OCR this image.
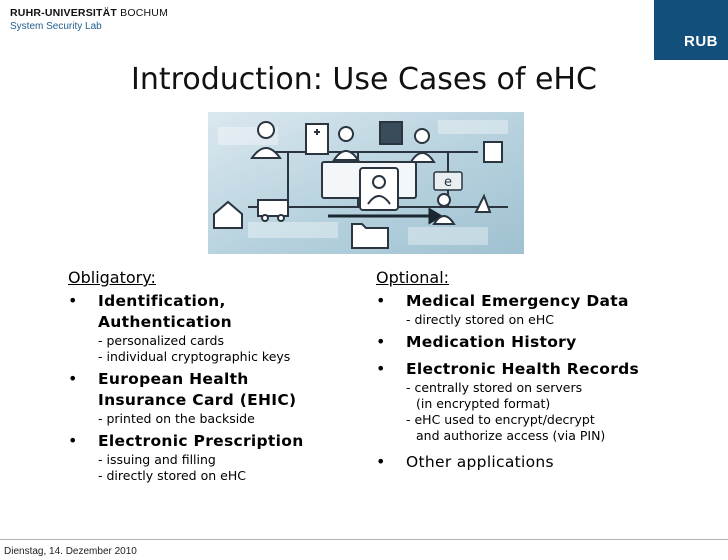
RUHR-UNIVERSITÄT BOCHUM
System Security Lab
RUB
Introduction: Use Cases of eHC
e
Obligatory:
• Identification, Authentication
- personalized cards
- individual cryptographic keys
• European Health Insurance Card (EHIC)
- printed on the backside
• Electronic Prescription
- issuing and filling
- directly stored on eHC
Optional:
• Medical Emergency Data
- directly stored on eHC
• Medication History
• Electronic Health Records
- centrally stored on servers
(in encrypted format)
- eHC used to encrypt/decrypt
and authorize access (via PIN)
• Other applications
Dienstag, 14. Dezember 2010
